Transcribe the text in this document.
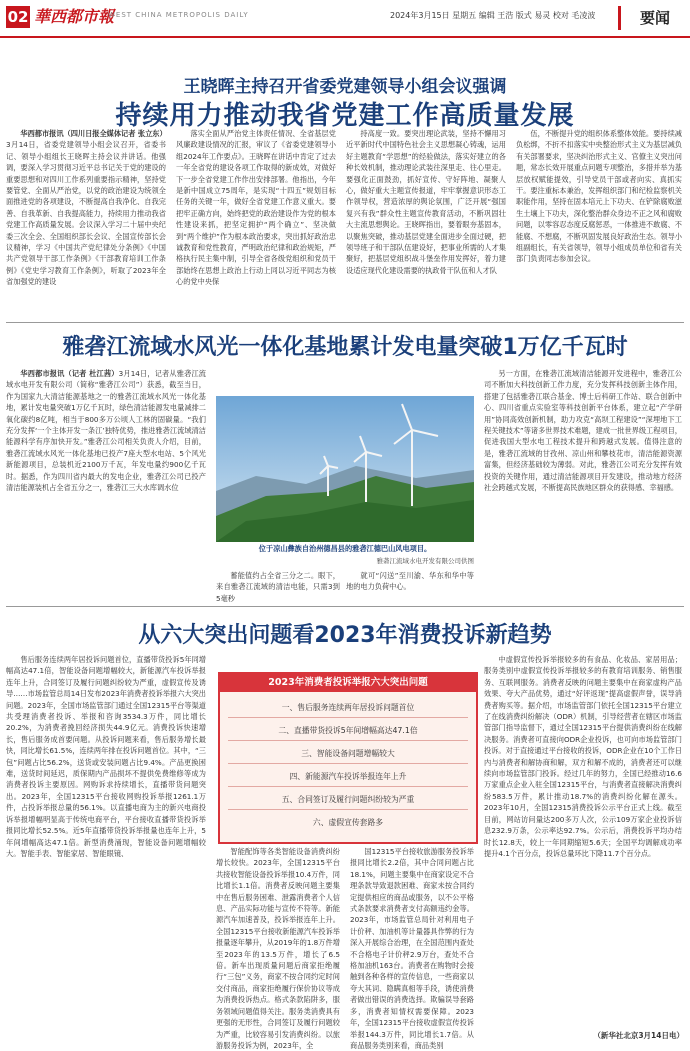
02 華西都市報
WEST CHINA METROPOLIS DAILY	2024年3月15日 星期五 编辑 王浩 版式 易灵 校对 毛凌波	要闻
王晓晖主持召开省委党建领导小组会议强调
持续用力推动我省党建工作高质量发展

华西都市报讯（四川日报全媒体记者 张立东）3月14日，省委党建领导小组会议召开，省委书记、领导小组组长王晓晖主持会议并讲话。他强调，要深入学习贯彻习近平总书记关于党的建设的重要思想和对四川工作系列重要指示精神，坚持党要管党、全面从严治党，以党的政治建设为统领全面推进党的各项建设，不断提高自我净化、自我完善、自我革新、自我提高能力，持续用力推动我省党建工作高质量发展。会议深入学习二十届中央纪委三次全会、全国组织部长会议、全国宣传部长会议精神，学习《中国共产党纪律处分条例》《中国共产党领导干部工作条例》《干部教育培训工作条例》《党史学习教育工作条例》，听取了2023年全省加强党的建设

落实全面从严治党主体责任情况、全省基层党风廉政建设情况的汇报，审议了《省委党建领导小组2024年工作要点》。王晓晖在讲话中肯定了过去一年全省党的建设各项工作取得的新成效，对做好下一步全省党建工作作出安排部署。他指出，今年是新中国成立75周年，是实现“十四五”规划目标任务的关键一年，做好全省党建工作意义重大。要把牢正确方向，始终把党的政治建设作为党的根本性建设来抓，把坚定拥护“两个确立”、坚决做到“两个维护”作为根本政治要求，突出抓好政治忠诚教育和党性教育，严明政治纪律和政治规矩，严格执行民主集中制，引导全省各级党组织和党员干部始终在思想上政治上行动上同以习近平同志为核心的党中央保

持高度一致。要突出理论武装，坚持不懈用习近平新时代中国特色社会主义思想凝心铸魂，运用好主题教育“学思想”的经验做法，落实好建立的各种长效机制，推动理论武装往深里走、往心里走。要强化正面鼓劲，抓好宣传、守好阵地、凝聚人心，做好重大主题宣传报道，牢牢掌握意识形态工作领导权，营造浓厚的舆论氛围，广泛开展“强国复兴有我”群众性主题宣传教育活动，不断巩固壮大主流思想舆论。王晓晖指出，要着眼夯基固本，以聚焦突破，推动基层党建全面进步全面过硬，把领导班子和干部队伍建设好，把事业所需的人才集聚好，把基层党组织战斗堡垒作用发挥好，着力建设适应现代化建设需要的执政骨干队伍和人才队

伍，不断提升党的组织体系整体效能。要持续减负松绑，不折不扣落实中央整治形式主义为基层减负有关部署要求，坚决纠治形式主义、官僚主义突出问题，常态长效开展重点问题专项整治，多措并举为基层放权赋能提效，引导党员干部或者向实、真抓实干。要注重标本兼治，发挥组织部门和纪检监察机关职能作用，坚持在固本培元上下功夫、在铲除腐败滋生土壤上下功夫，深化整治群众身边不正之风和腐败问题，以零容忍态度反腐惩恶，一体推进不敢腐、不能腐、不想腐，不断巩固发展良好政治生态。领导小组副组长，有关省领导，领导小组成员单位和省有关部门负责同志参加会议。

雅砻江流域水风光一体化基地累计发电量突破1万亿千瓦时

华西都市报讯（记者 杜江茜）3月14日，记者从雅砻江流域水电开发有限公司（简称“雅砻江公司”）获悉，截至当日，作为国家九大清洁能源基地之一的雅砻江流域水风光一体化基地，累计发电量突破1万亿千瓦时，绿色清洁能源发电量减排二氧化碳约8亿吨，相当于800多万公顷人工林的固碳量。“我们充分发挥‘一个主体开发一条江’独特优势，推进雅砻江流域清洁能源科学有序加快开发。”雅砻江公司相关负责人介绍，目前，雅砻江流域水风光一体化基地已投产7座大型水电站、5个风光新能源项目，总装机近2100万千瓦，年发电量约900亿千瓦时。据悉，作为四川省内最大的发电企业，雅砻江公司已投产清洁能源装机占全省五分之一，雅砻江三大水库调水位

位于凉山彝族自治州德昌县的雅砻江德巴山风电项目。
雅砻江流域水电开发有限公司供图

蓄能值约占全省三分之二。眼下，来自雅砻江流域的清洁电能，只需3到5毫秒

就可“闪送”至川渝、华东和华中等地的电力负荷中心。

另一方面，在雅砻江流域清洁能源开发进程中，雅砻江公司不断加大科技创新工作力度，充分发挥科技创新主体作用，搭建了包括雅砻江联合基金、博士后科研工作站、联合创新中心、四川省重点实验室等科技创新平台体系，建立起“产学研用”协同高效创新机制，助力攻克“高坝工程建设”“深埋地下工程关键技术”等诸多世界技术难题，建成一批世界级工程项目，促进我国大型水电工程技术提升和跨越式发展。值得注意的是，雅砻江流域的甘孜州、凉山州和攀枝花市，清洁能源资源富集，但经济基础较为薄弱。对此，雅砻江公司充分发挥有效投资的关键作用，通过清洁能源项目开发建设，推动地方经济社会跨越式发展，不断提高民族地区群众的获得感、幸福感。

从六大突出问题看2023年消费投诉新趋势

售后服务连续两年居投诉问题首位，直播带货投诉5年同增幅高达47.1倍，智能设备问题增幅较大，新能源汽车投诉举报连年上升，合同签订及履行问题纠纷较为严重，虚假宣传及诱导……市场监管总局14日发布2023年消费者投诉举报六大突出问题。2023年，全国市场监管部门通过全国12315平台等渠道共受理消费者投诉、举报和咨询3534.3万件，同比增长20.2%，为消费者挽回经济损失44.9亿元。消费投诉快速增长，售后服务成首要问题。从投诉问题来看，售后服务增长最快，同比增长61.5%，连续两年排在投诉问题首位。其中，“三包”问题占比56.2%，送货或安装问题占比9.4%。产品更换困难，送货时间延迟，质保期内产品损坏不提供免费维修等成为消费者投诉主要原因。网购诉求持续增长，直播带货问题突出。2023年，全国12315平台接收网购投诉举报1261.1万件，占投诉举报总量的56.1%。以直播电商为主的新兴电商投诉举报增幅明显高于传统电商平台，平台接收直播带货投诉举报同比增长52.5%。近5年直播带货投诉举报量也连年上升，5年间增幅高达47.1倍。新型消费涌现，智能设备问题增幅较大。智能手表、智能家居、智能眼镜、

2023年消费者投诉举报六大突出问题
一、售后服务连续两年居投诉问题首位
二、直播带货投诉5年间增幅高达47.1倍
三、智能设备问题增幅较大
四、新能源汽车投诉举报连年上升
五、合同签订及履行问题纠纷较为严重
六、虚假宣传套路多

智能配饰等各类智能设备消费纠纷增长较快。2023年，全国12315平台共接收智能设备投诉举报10.4万件，同比增长1.1倍。消费者反映问题主要集中在售后服务困难、泄露消费者个人信息、产品实际功能与宣传不符等。新能源汽车加速普及，投诉举报连年上升。全国12315平台接收新能源汽车投诉举报量逐年攀升，从2019年的1.8万件增至2023年的13.5万件，增长了6.5倍。新车出现质量问题后商家拒绝履行“三包”义务，商家不按合同约定时间交付商品，商家拒绝履行保价协议等成为消费投诉热点。格式条款陷阱多，服务领域问题值得关注。服务类消费具有更强的无形性，合同签订及履行问题较为严重，比较容易引发消费纠纷。以旅游服务投诉为例，2023年，全

国12315平台接收旅游服务投诉举报同比增长2.2倍，其中合同问题占比18.1%，问题主要集中在商家设定不合理条款导致退款困难、商家未按合同约定提供相应的商品或服务，以不公平格式条款要求消费者支付高额违约金等。2023年，市场监管总局针对利用电子计价秤、加油机等计量器具作弊的行为深入开展综合治理，在全国范围内查处不合格电子计价秤2.9万台，查处不合格加油机163台。消费者在购物时会接触到各种各样的宣传信息，一些商家以夸大其词、隐瞒真相等手段，诱使消费者做出错误的消费选择。欺骗误导套路多，消费者知情权需要保障。2023年，全国12315平台接收虚假宣传投诉举报144.3万件，同比增长1.7倍。从商品服务类别来看，商品类别

中虚假宣传投诉举报较多的有食品、化妆品、家居用品；服务类别中虚假宣传投诉举报较多的有教育培训服务、销售服务、互联网服务。消费者反映的问题主要集中在商家虚构产品效果、夸大产品优势，通过“好评返现”提高虚假声誉，误导消费者购买等。据介绍，市场监管部门依托全国12315平台建立了在线消费纠纷解决（ODR）机制，引导经营者在辖区市场监管部门指导监督下，通过全国12315平台提供消费纠纷在线解决服务。消费者可直接向ODR企业投诉，也可向市场监管部门投诉。对于直接通过平台接收的投诉，ODR企业在10个工作日内与消费者和解协商和解，双方和解不成的，消费者还可以继续向市场监管部门投诉。经过几年的努力，全国已经推动16.6万家重点企业入驻全国12315平台，与消费者直接解决消费纠纷583.5万件，累计推动18.7%的消费纠纷化解在源头。2023年10月，全国12315消费投诉公示平台正式上线。截至目前，网站访问量达200多万人次，公示109万家企业投诉信息232.9万条，公示率达92.7%。公示后，消费投诉平均办结时长12.8天，较上一年同期缩短5.6天；全国平均调解成功率提升4.1个百分点，投诉总量环比下降11.7个百分点。

（新华社北京3月14日电）
